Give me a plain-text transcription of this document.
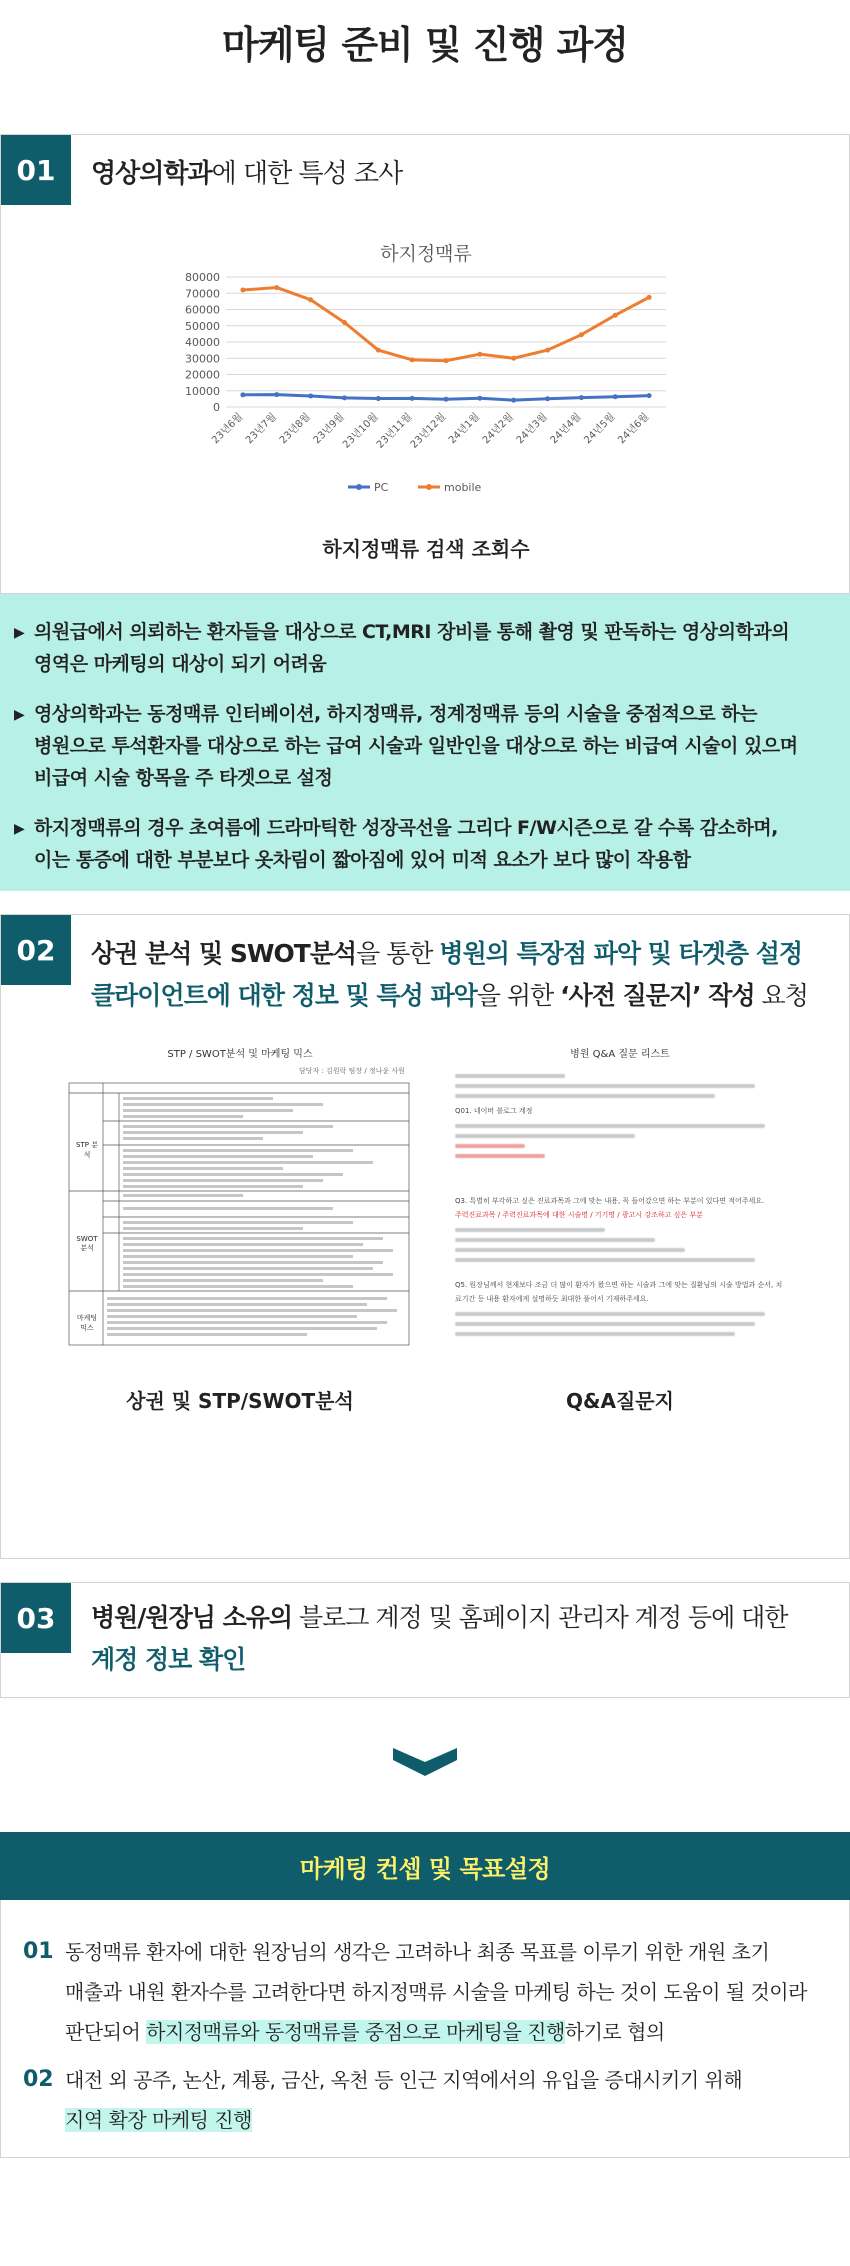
마케팅 준비 및 진행 과정
01	영상의학과에 대한 특성 조사
하지정맥류
하지정맥류 검색 조회수
0
10000
20000
30000
40000
50000
60000
70000
80000
23년6월
23년7월
23년8월
23년9월
23년10월
23년11월
23년12월
24년1월
24년2월
24년3월
24년4월
24년5월
24년6월
PC	mobile
▶ 의원급에서 의뢰하는 환자들을 대상으로 CT,MRI 장비를 통해 촬영 및 판독하는 영상의학과의
영역은 마케팅의 대상이 되기 어려움
▶ 영상의학과는 동정맥류 인터베이션, 하지정맥류, 정계정맥류 등의 시술을 중점적으로 하는
병원으로 투석환자를 대상으로 하는 급여 시술과 일반인을 대상으로 하는 비급여 시술이 있으며
비급여 시술 항목을 주 타겟으로 설정
▶ 하지정맥류의 경우 초여름에 드라마틱한 성장곡선을 그리다 F/W시즌으로 갈 수록 감소하며,
이는 통증에 대한 부분보다 옷차림이 짧아짐에 있어 미적 요소가 보다 많이 작용함
02	상권 분석 및 SWOT분석을 통한 병원의 특장점 파악 및 타겟층 설정
클라이언트에 대한 정보 및 특성 파악을 위한 ‘사전 질문지’ 작성 요청
STP / SWOT분석 및 마케팅 믹스
담당자 : 김원락 팀장 / 정나윤 사원
STP 분석
SWOT 분석
마케팅 믹스
상권 및 STP/SWOT분석
병원 Q&A 질문 리스트
Q01. 네이버 블로그 계정
Q3. 특별히 부각하고 싶은 진료과목과 그에 맞는 내용, 꼭 들어갔으면 하는 부분이 있다면 적어주세요.
주력진료과목 / 주력진료과목에 대한 시술명 / 기기명 / 광고시 강조하고 싶은 부분
Q5. 원장님께서 현재보다 조금 더 많이 환자가 왔으면 하는 시술과 그에 맞는 질환님의 시술 방법과 순서, 치료기간 등 내용 환자에게 설명하듯 최대한 풀어서 기재하주세요.
Q&A질문지
03	병원/원장님 소유의 블로그 계정 및 홈페이지 관리자 계정 등에 대한
계정 정보 확인
마케팅 컨셉 및 목표설정
01 동정맥류 환자에 대한 원장님의 생각은 고려하나 최종 목표를 이루기 위한 개원 초기
매출과 내원 환자수를 고려한다면 하지정맥류 시술을 마케팅 하는 것이 도움이 될 것이라
판단되어 하지정맥류와 동정맥류를 중점으로 마케팅을 진행하기로 협의
02 대전 외 공주, 논산, 계룡, 금산, 옥천 등 인근 지역에서의 유입을 증대시키기 위해
지역 확장 마케팅 진행
